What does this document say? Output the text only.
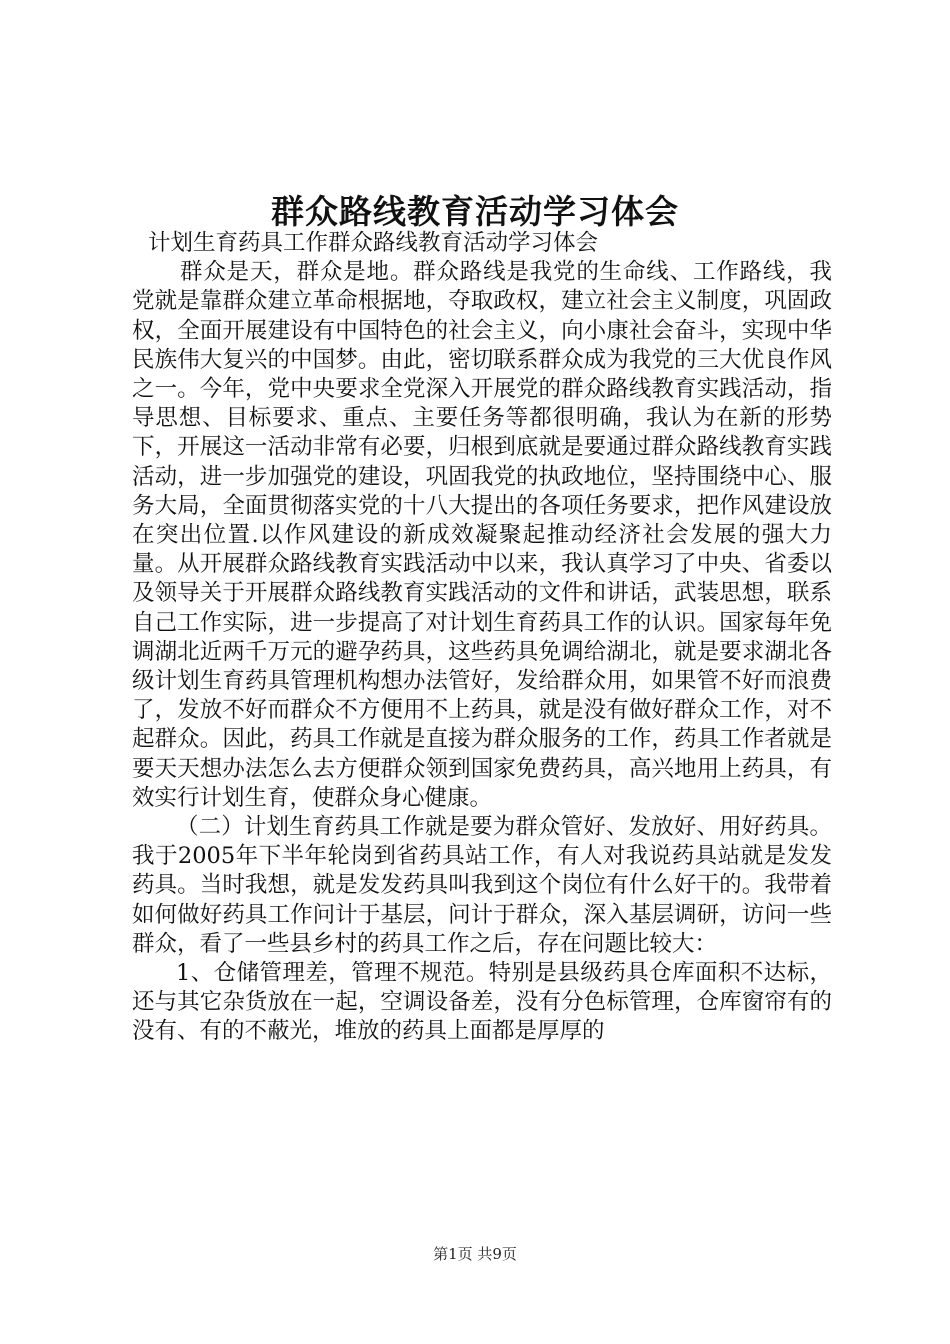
群众路线教育活动学习体会

计划生育药具工作群众路线教育活动学习体会

群众是天，群众是地。群众路线是我党的生命线、工作路线，我党就是靠群众建立革命根据地，夺取政权，建立社会主义制度，巩固政权，全面开展建设有中国特色的社会主义，向小康社会奋斗，实现中华民族伟大复兴的中国梦。由此，密切联系群众成为我党的三大优良作风之一。今年，党中央要求全党深入开展党的群众路线教育实践活动，指导思想、目标要求、重点、主要任务等都很明确，我认为在新的形势下，开展这一活动非常有必要，归根到底就是要通过群众路线教育实践活动，进一步加强党的建设，巩固我党的执政地位，坚持围绕中心、服务大局，全面贯彻落实党的十八大提出的各项任务要求，把作风建设放在突出位置.以作风建设的新成效凝聚起推动经济社会发展的强大力量。从开展群众路线教育实践活动中以来，我认真学习了中央、省委以及领导关于开展群众路线教育实践活动的文件和讲话，武装思想，联系自己工作实际，进一步提高了对计划生育药具工作的认识。国家每年免调湖北近两千万元的避孕药具，这些药具免调给湖北，就是要求湖北各级计划生育药具管理机构想办法管好，发给群众用，如果管不好而浪费了，发放不好而群众不方便用不上药具，就是没有做好群众工作，对不起群众。因此，药具工作就是直接为群众服务的工作，药具工作者就是要天天想办法怎么去方便群众领到国家免费药具，高兴地用上药具，有效实行计划生育，使群众身心健康。

（二）计划生育药具工作就是要为群众管好、发放好、用好药具。我于2005年下半年轮岗到省药具站工作，有人对我说药具站就是发发药具。当时我想，就是发发药具叫我到这个岗位有什么好干的。我带着如何做好药具工作问计于基层，问计于群众，深入基层调研，访问一些群众，看了一些县乡村的药具工作之后，存在问题比较大：

1、仓储管理差，管理不规范。特别是县级药具仓库面积不达标，还与其它杂货放在一起，空调设备差，没有分色标管理，仓库窗帘有的没有、有的不蔽光，堆放的药具上面都是厚厚的

第1页 共9页
